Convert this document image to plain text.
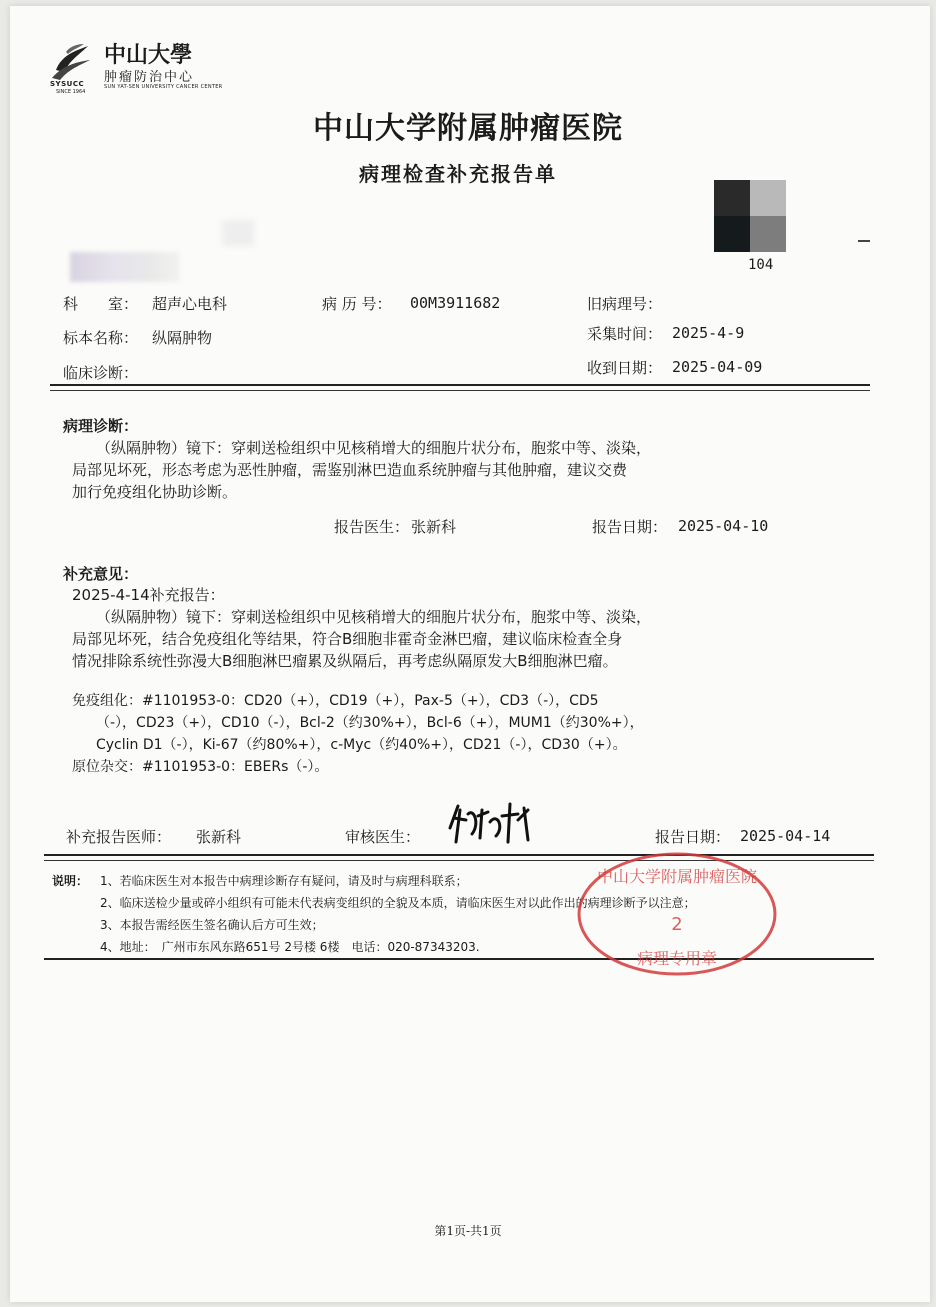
SYSUCC
SINCE 1964
中山大學
肿瘤防治中心
SUN YAT-SEN UNIVERSITY CANCER CENTER
中山大学附属肿瘤医院
病理检查补充报告单
104
科　　室： 超声心电科	病 历 号： 00M3911682	旧病理号：
标本名称： 纵隔肿物	采集时间： 2025-4-9
临床诊断：	收到日期： 2025-04-09
病理诊断：
（纵隔肿物）镜下：穿刺送检组织中见核稍增大的细胞片状分布，胞浆中等、淡染，
局部见坏死，形态考虑为恶性肿瘤，需鉴别淋巴造血系统肿瘤与其他肿瘤，建议交费
加行免疫组化协助诊断。
报告医生： 张新科	报告日期： 2025-04-10
补充意见：
2025-4-14补充报告：
（纵隔肿物）镜下：穿刺送检组织中见核稍增大的细胞片状分布，胞浆中等、淡染，
局部见坏死，结合免疫组化等结果，符合B细胞非霍奇金淋巴瘤，建议临床检查全身
情况排除系统性弥漫大B细胞淋巴瘤累及纵隔后，再考虑纵隔原发大B细胞淋巴瘤。
免疫组化：#1101953-0：CD20（+），CD19（+），Pax-5（+），CD3（-），CD5
（-），CD23（+），CD10（-），Bcl-2（约30%+），Bcl-6（+），MUM1（约30%+），
Cyclin D1（-），Ki-67（约80%+），c-Myc（约40%+），CD21（-），CD30（+）。
原位杂交：#1101953-0：EBERs（-）。
补充报告医师： 张新科	审核医生：	报告日期： 2025-04-14
说明： 1、若临床医生对本报告中病理诊断存有疑问，请及时与病理科联系；
2、临床送检少量或碎小组织有可能未代表病变组织的全貌及本质，请临床医生对以此作出的病理诊断予以注意；
3、本报告需经医生签名确认后方可生效；
4、地址：　广州市东风东路651号 2号楼 6楼　电话：020-87343203.
中山大学附属肿瘤医院
2
病理专用章
第1页-共1页
